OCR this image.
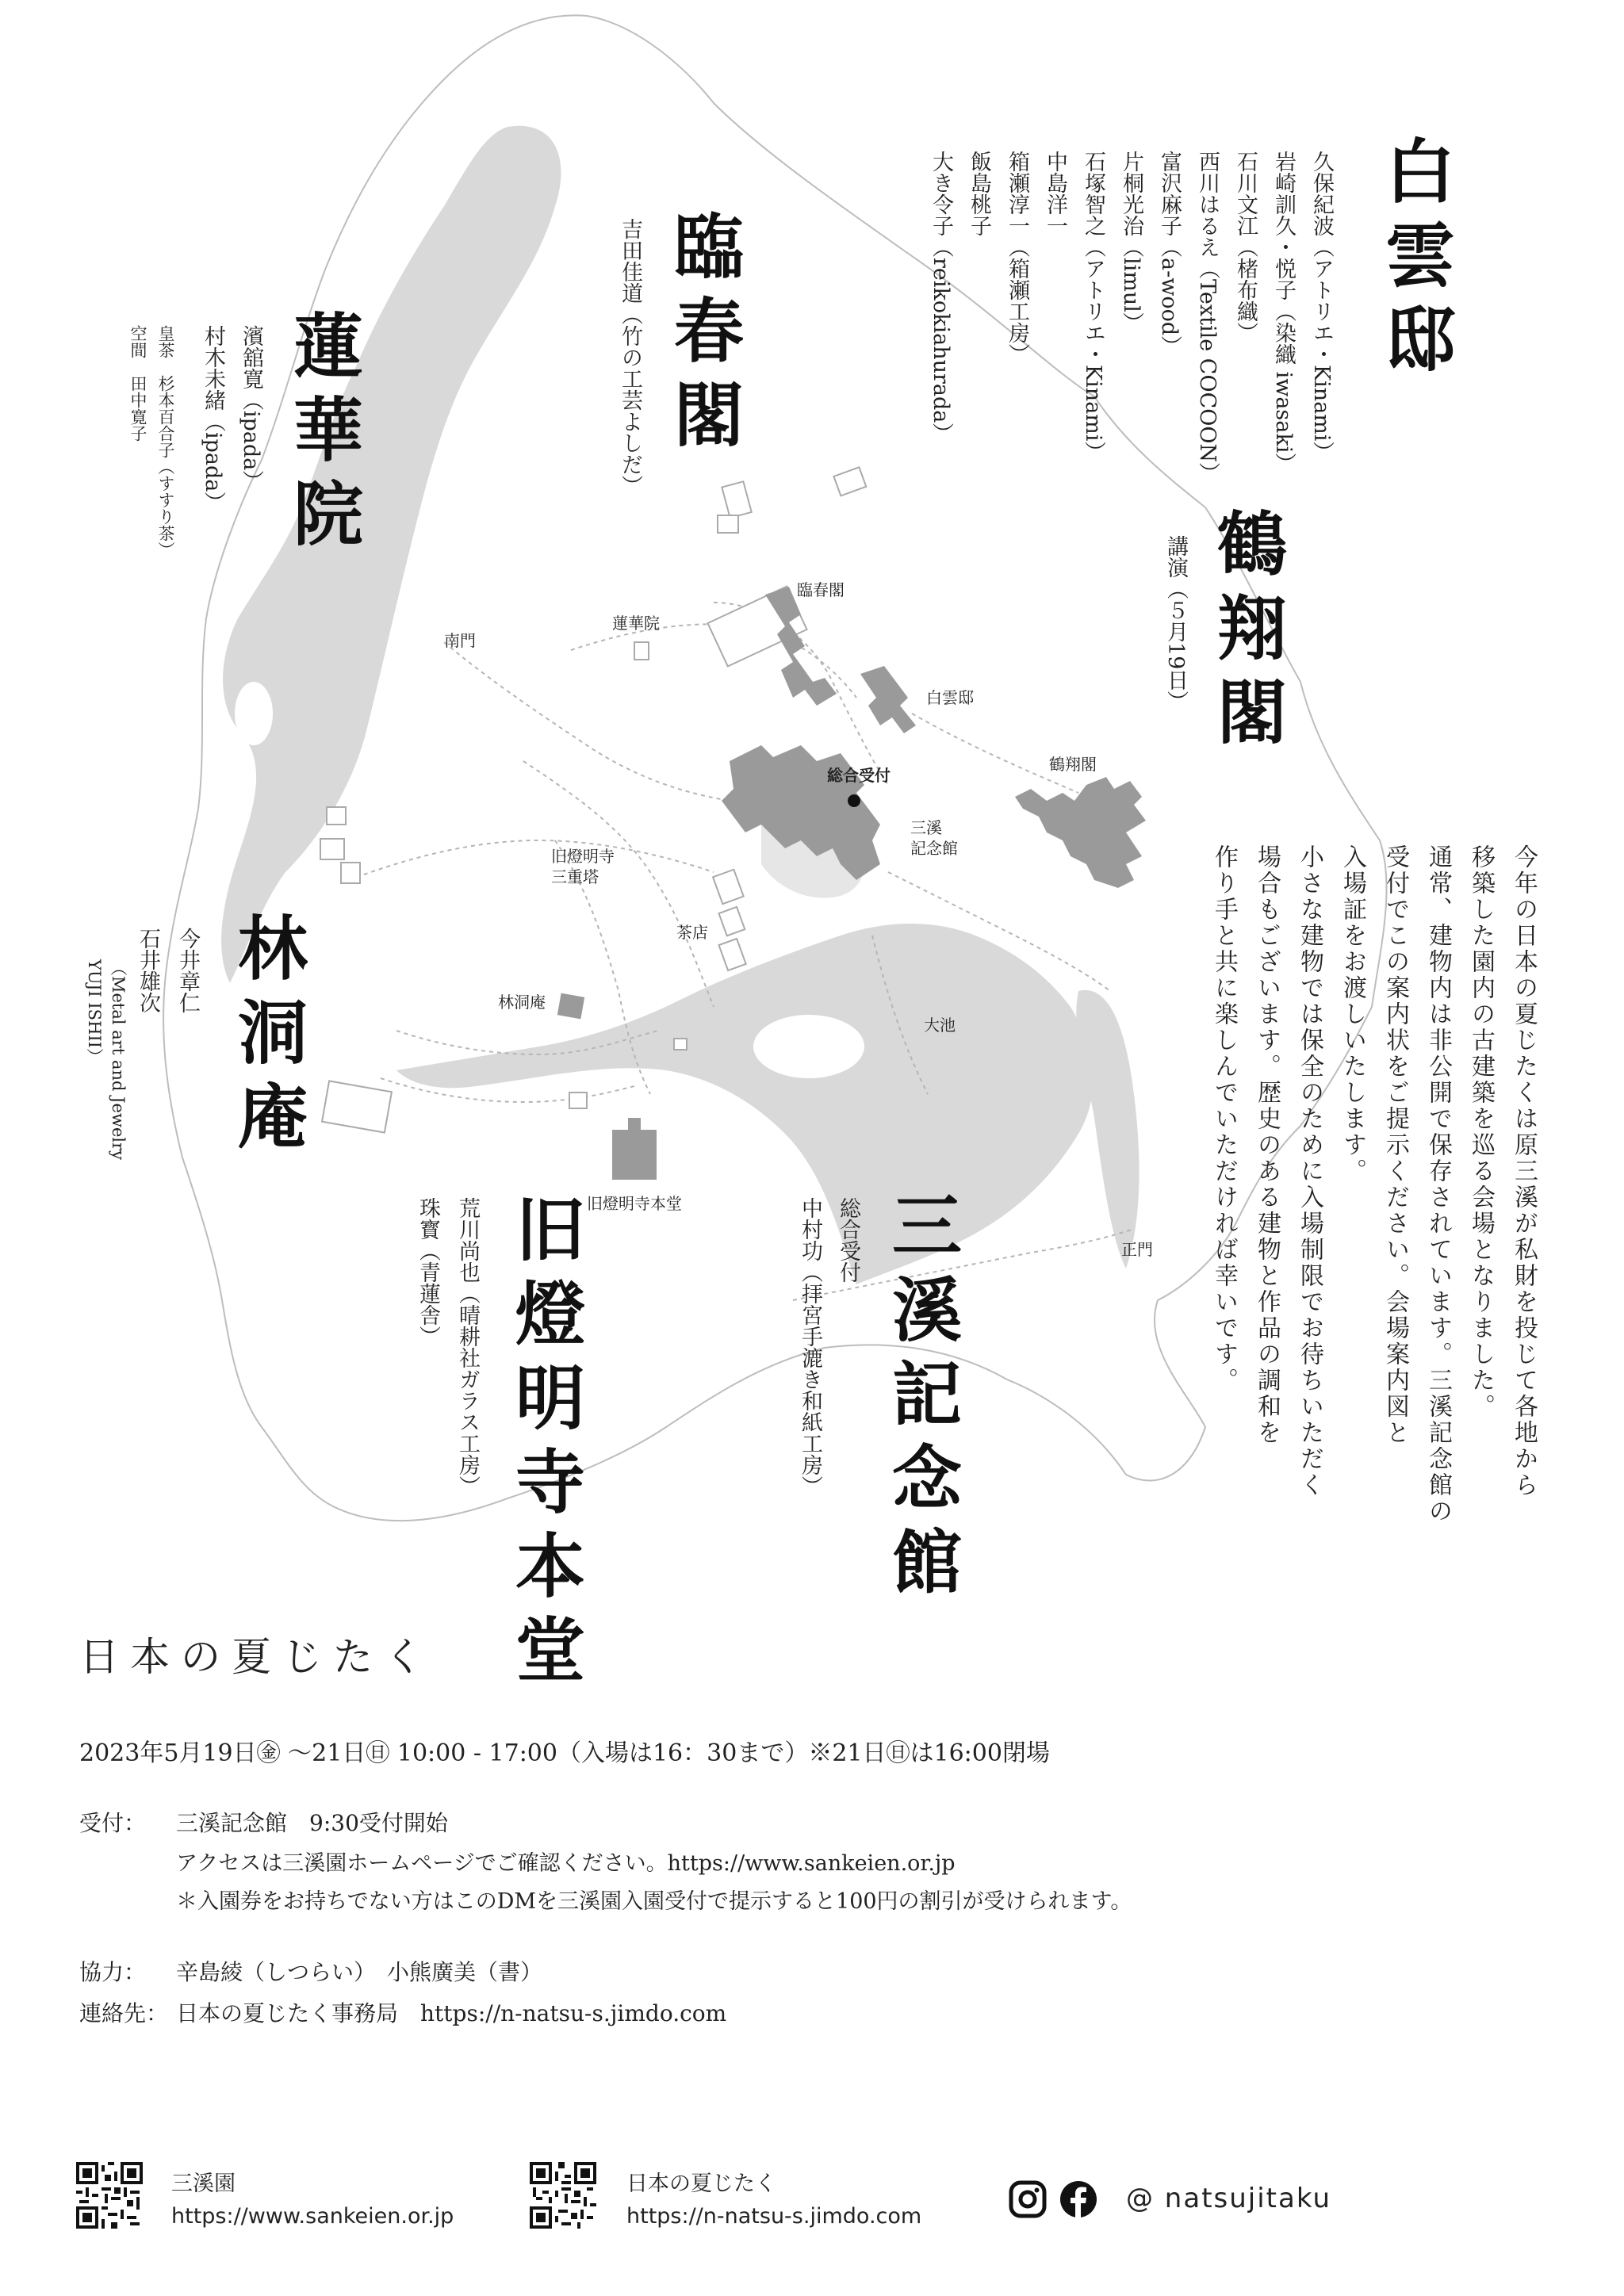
臨春閣
蓮華院
白雲邸
南門
総合受付
三溪
記念館
鶴翔閣
旧燈明寺
三重塔
茶店
林洞庵
大池
旧燈明寺本堂
正門
白雲邸
久保紀波（アトリエ・Kinami）
岩崎訓久・悦子（染織 iwasaki）
石川文江（楮布織）
西川はるえ（Textile COCOON）
富沢麻子（a-wood）
片桐光治（limul）
石塚智之（アトリエ・Kinami）
中島洋一
箱瀬淳一（箱瀬工房）
飯島桃子
大き令子（reikokiahurada）
臨春閣
吉田佳道（竹の工芸よしだ）
蓮華院
濱舘寛（ipada）
村木未緒（ipada）
皇茶　杉本百合子（すすり茶）
空間　田中寛子
鶴翔閣
講演（５月19日）
林洞庵
今井章仁
石井雄次
（Metal art and Jewelry
YUJI ISHII）
旧燈明寺本堂
荒川尚也（晴耕社ガラス工房）
珠寳（青蓮舎）	三溪記念館
総合受付
中村功（拝宮手漉き和紙工房）	今年の日本の夏じたくは原三溪が私財を投じて各地から
移築した園内の古建築を巡る会場となりました。
通常、建物内は非公開で保存されています。三溪記念館の
受付でこの案内状をご提示ください。会場案内図と
入場証をお渡しいたします。
小さな建物では保全のために入場制限でお待ちいただく
場合もございます。歴史のある建物と作品の調和を
作り手と共に楽しんでいただければ幸いです。
日本の夏じたく
2023年5月19日㊎ ～21日㊐ 10:00 - 17:00（入場は16：30まで）※21日㊐は16:00閉場
受付： 三溪記念館　9:30受付開始
アクセスは三溪園ホームページでご確認ください。https://www.sankeien.or.jp
＊入園券をお持ちでない方はこのDMを三溪園入園受付で提示すると100円の割引が受けられます。
協力： 辛島綾（しつらい）　小熊廣美（書）
連絡先： 日本の夏じたく事務局　https://n-natsu-s.jimdo.com
三溪園
https://www.sankeien.or.jp
日本の夏じたく
https://n-natsu-s.jimdo.com
@ natsujitaku
